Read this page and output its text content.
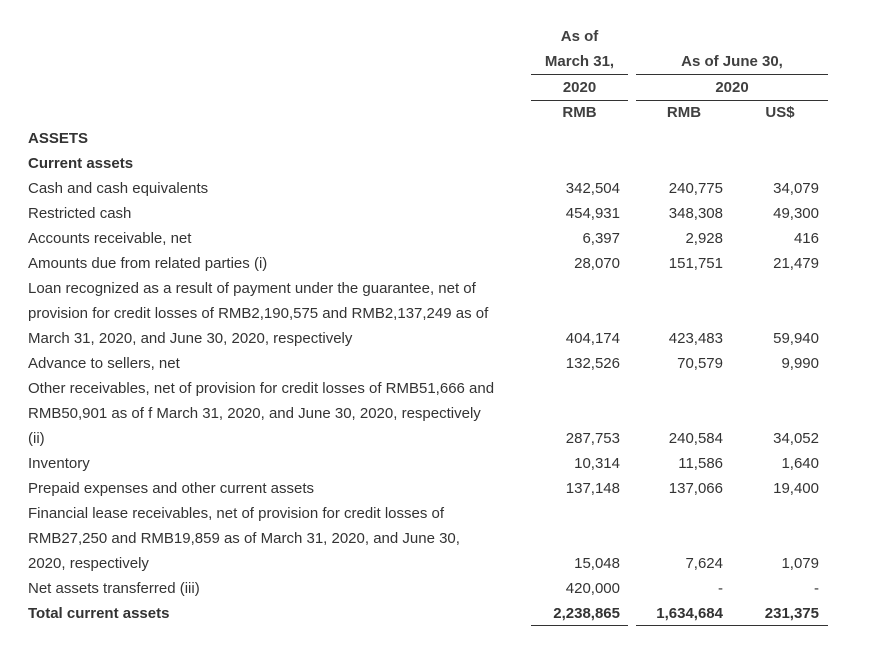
As of
March 31,
2020
RMB
As of June 30,
2020
RMB	US$
ASSETS
Current assets
Cash and cash equivalents	342,504	240,775	34,079
Restricted cash	454,931	348,308	49,300
Accounts receivable, net	6,397	2,928	416
Amounts due from related parties (i)	28,070	151,751	21,479
Loan recognized as a result of payment under the guarantee, net of
provision for credit losses of RMB2,190,575 and RMB2,137,249 as of
March 31, 2020, and June 30, 2020, respectively	404,174	423,483	59,940
Advance to sellers, net	132,526	70,579	9,990
Other receivables, net of provision for credit losses of RMB51,666 and
RMB50,901 as of f March 31, 2020, and June 30, 2020, respectively
(ii)	287,753	240,584	34,052
Inventory	10,314	11,586	1,640
Prepaid expenses and other current assets	137,148	137,066	19,400
Financial lease receivables, net of provision for credit losses of
RMB27,250 and RMB19,859 as of March 31, 2020, and June 30,
2020, respectively	15,048	7,624	1,079
Net assets transferred (iii)	420,000	-	-
Total current assets	2,238,865	1,634,684	231,375
